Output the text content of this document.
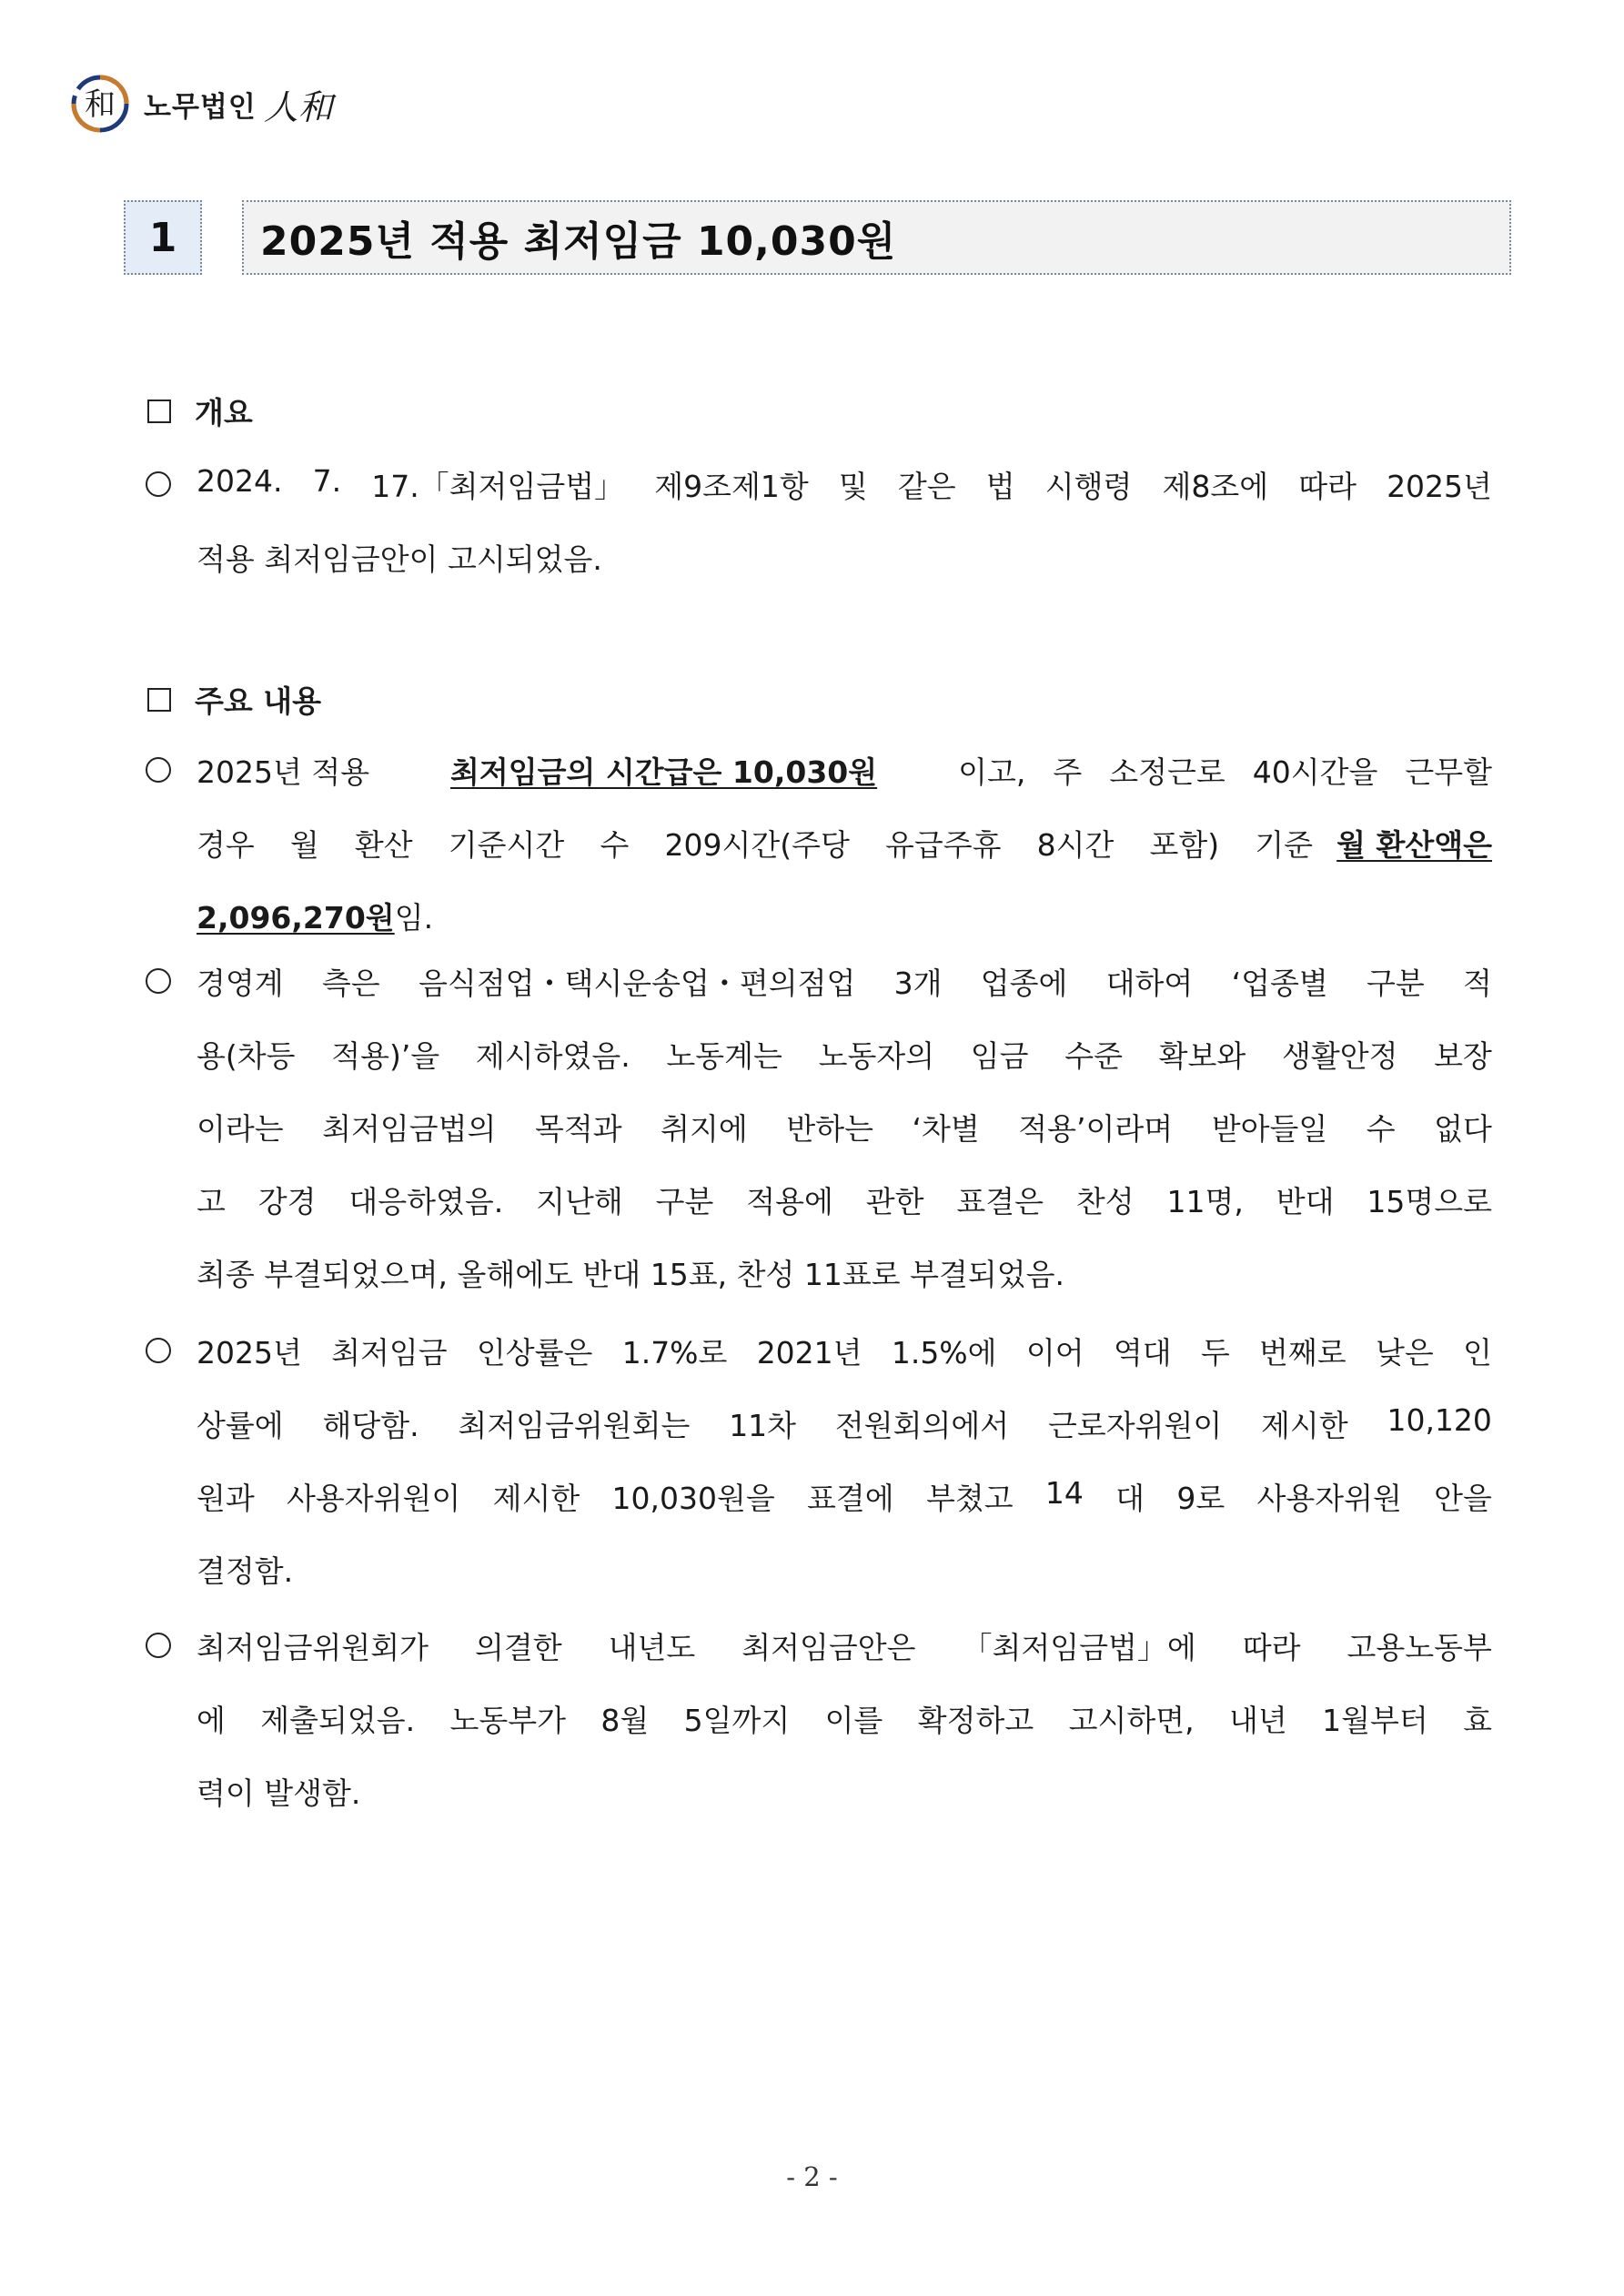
和 노무법인 人和
1	2025년 적용 최저임금 10,030원
개요
2024. 7. 17.「최저임금법」 제9조제1항 및 같은 법 시행령 제8조에 따라 2025년
적용 최저임금안이 고시되었음.
주요 내용
2025년 적용	최저임금의 시간급은 10,030원	이고, 주 소정근로 40시간을 근무할
경우 월 환산 기준시간 수 209시간(주당 유급주휴 8시간 포함) 기준 월 환산액은
2,096,270원 임.
경영계 측은 음식점업・택시운송업・편의점업 3개 업종에 대하여 ‘업종별 구분 적
용(차등 적용)’을 제시하였음. 노동계는 노동자의 임금 수준 확보와 생활안정 보장
이라는 최저임금법의 목적과 취지에 반하는 ‘차별 적용’이라며 받아들일 수 없다
고 강경 대응하였음. 지난해 구분 적용에 관한 표결은 찬성 11명, 반대 15명으로
최종 부결되었으며, 올해에도 반대 15표, 찬성 11표로 부결되었음.
2025년 최저임금 인상률은 1.7%로 2021년 1.5%에 이어 역대 두 번째로 낮은 인
상률에 해당함. 최저임금위원회는 11차 전원회의에서 근로자위원이 제시한 10,120
원과 사용자위원이 제시한 10,030원을 표결에 부쳤고 14 대 9로 사용자위원 안을
결정함.
최저임금위원회가 의결한 내년도 최저임금안은 「최저임금법」에 따라 고용노동부
에 제출되었음. 노동부가 8월 5일까지 이를 확정하고 고시하면, 내년 1월부터 효
력이 발생함.
- 2 -
